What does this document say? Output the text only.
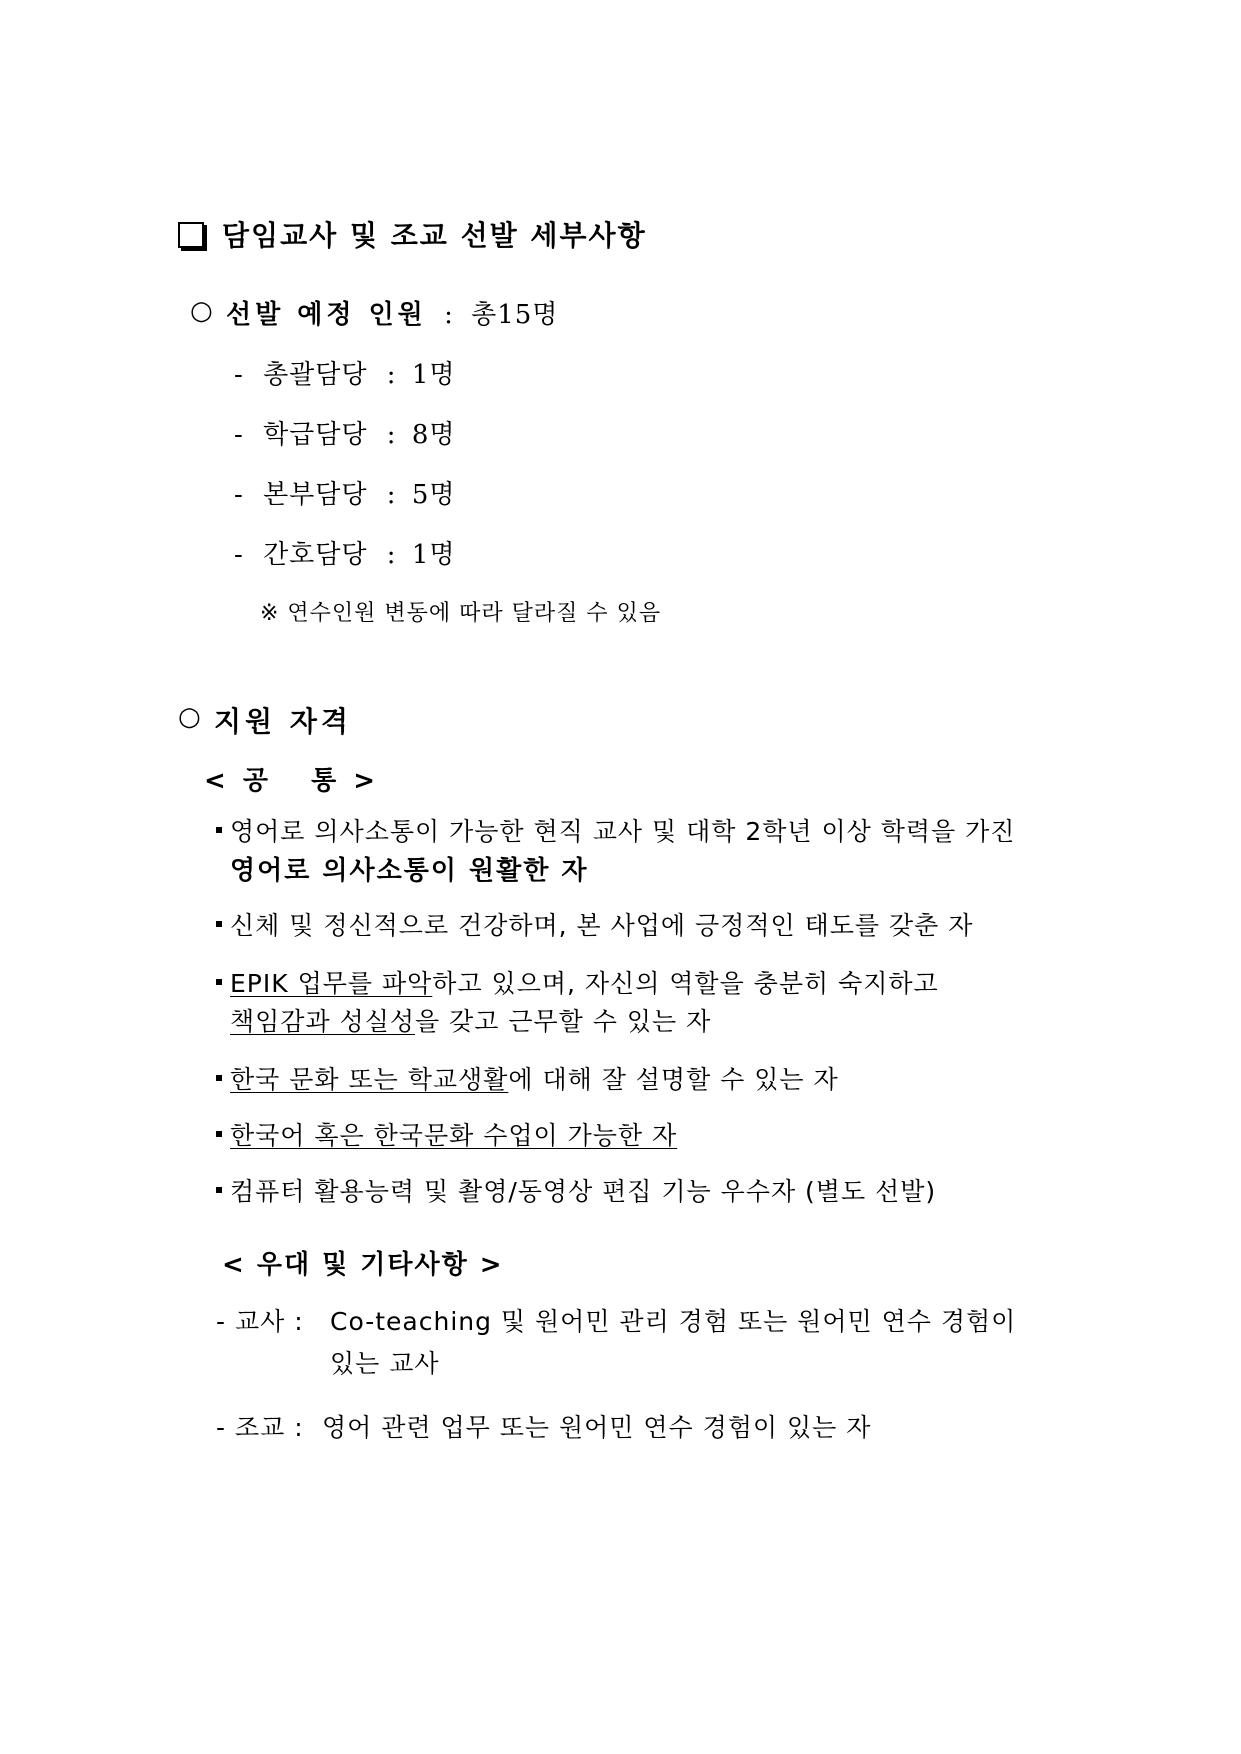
담임교사 및 조교 선발 세부사항
○ 선발 예정 인원 : 총15명
- 총괄담당 : 1명
- 학급담당 : 8명
- 본부담당 : 5명
- 간호담당 : 1명
※ 연수인원 변동에 따라 달라질 수 있음
○ 지원 자격
< 공   통 >
영어로 의사소통이 가능한 현직 교사 및 대학 2학년 이상 학력을 가진
영어로 의사소통이 원활한 자
신체 및 정신적으로 건강하며, 본 사업에 긍정적인 태도를 갖춘 자
EPIK 업무를 파악하고 있으며, 자신의 역할을 충분히 숙지하고
책임감과 성실성을 갖고 근무할 수 있는 자
한국 문화 또는 학교생활에 대해 잘 설명할 수 있는 자
한국어 혹은 한국문화 수업이 가능한 자
컴퓨터 활용능력 및 촬영/동영상 편집 기능 우수자 (별도 선발)
< 우대 및 기타사항 >
- 교사 : Co-teaching 및 원어민 관리 경험 또는 원어민 연수 경험이
있는 교사
- 조교 : 영어 관련 업무 또는 원어민 연수 경험이 있는 자
